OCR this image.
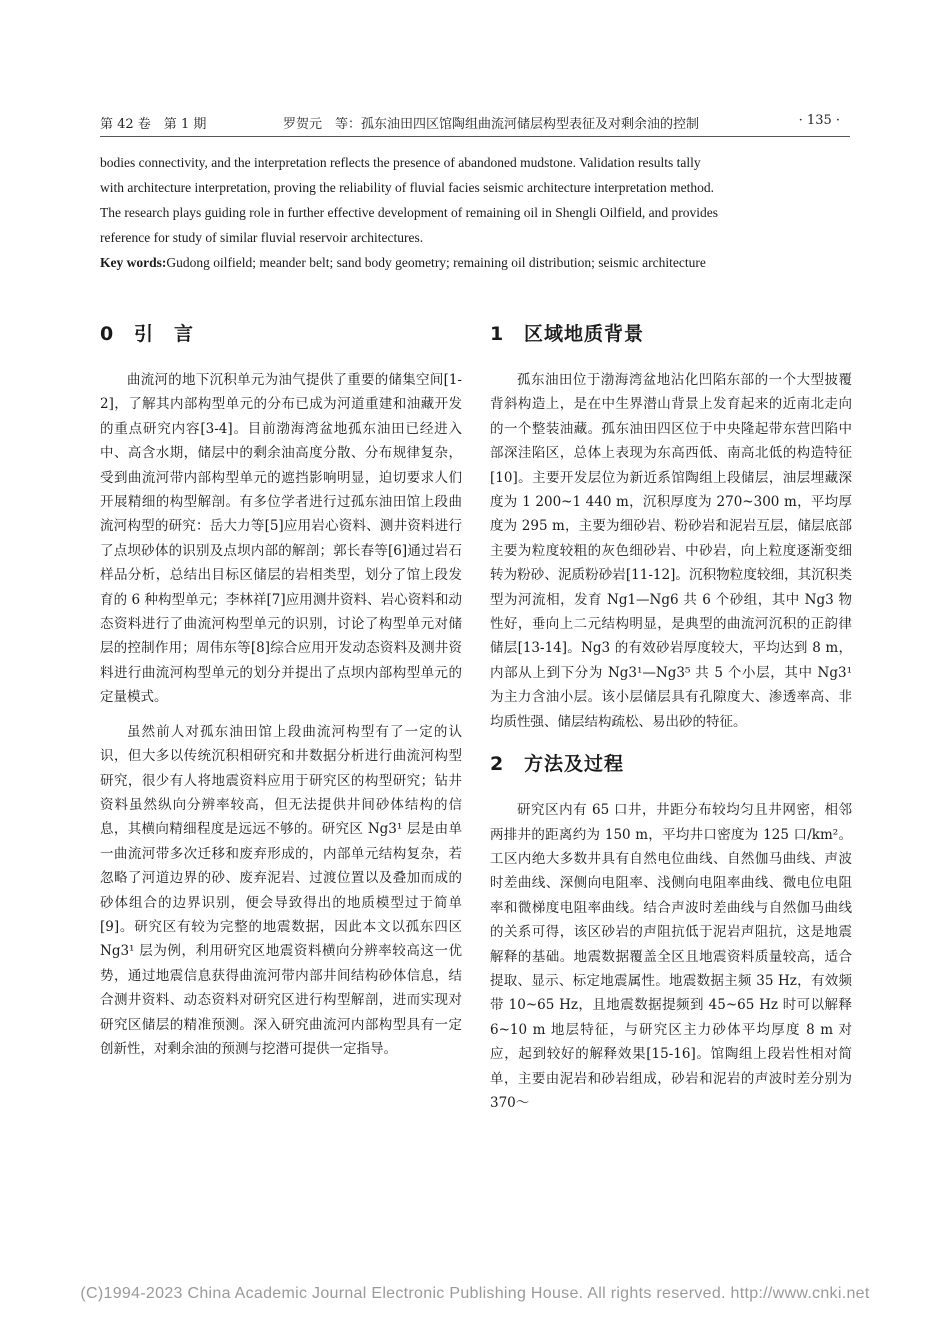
第 42 卷　第 1 期	罗贺元　等：孤东油田四区馆陶组曲流河储层构型表征及对剩余油的控制	· 135 ·
bodies connectivity, and the interpretation reflects the presence of abandoned mudstone. Validation results tally
with architecture interpretation, proving the reliability of fluvial facies seismic architecture interpretation method.
The research plays guiding role in further effective development of remaining oil in Shengli Oilfield, and provides
reference for study of similar fluvial reservoir architectures.
Key words:Gudong oilfield; meander belt; sand body geometry; remaining oil distribution; seismic architecture
0 引　言

曲流河的地下沉积单元为油气提供了重要的储集空间[1-2]，了解其内部构型单元的分布已成为河道重建和油藏开发的重点研究内容[3-4]。目前渤海湾盆地孤东油田已经进入中、高含水期，储层中的剩余油高度分散、分布规律复杂，受到曲流河带内部构型单元的遮挡影响明显，迫切要求人们开展精细的构型解剖。有多位学者进行过孤东油田馆上段曲流河构型的研究：岳大力等[5]应用岩心资料、测井资料进行了点坝砂体的识别及点坝内部的解剖；郭长春等[6]通过岩石样品分析，总结出目标区储层的岩相类型，划分了馆上段发育的 6 种构型单元；李林祥[7]应用测井资料、岩心资料和动态资料进行了曲流河构型单元的识别，讨论了构型单元对储层的控制作用；周伟东等[8]综合应用开发动态资料及测井资料进行曲流河构型单元的划分并提出了点坝内部构型单元的定量模式。

虽然前人对孤东油田馆上段曲流河构型有了一定的认识，但大多以传统沉积相研究和井数据分析进行曲流河构型研究，很少有人将地震资料应用于研究区的构型研究；钻井资料虽然纵向分辨率较高，但无法提供井间砂体结构的信息，其横向精细程度是远远不够的。研究区 Ng3¹ 层是由单一曲流河带多次迁移和废弃形成的，内部单元结构复杂，若忽略了河道边界的砂、废弃泥岩、过渡位置以及叠加而成的砂体组合的边界识别，便会导致得出的地质模型过于简单[9]。研究区有较为完整的地震数据，因此本文以孤东四区 Ng3¹ 层为例，利用研究区地震资料横向分辨率较高这一优势，通过地震信息获得曲流河带内部井间结构砂体信息，结合测井资料、动态资料对研究区进行构型解剖，进而实现对研究区储层的精准预测。深入研究曲流河内部构型具有一定创新性，对剩余油的预测与挖潜可提供一定指导。

1 区域地质背景

孤东油田位于渤海湾盆地沾化凹陷东部的一个大型披覆背斜构造上，是在中生界潜山背景上发育起来的近南北走向的一个整装油藏。孤东油田四区位于中央隆起带东营凹陷中部深洼陷区，总体上表现为东高西低、南高北低的构造特征[10]。主要开发层位为新近系馆陶组上段储层，油层埋藏深度为 1 200~1 440 m，沉积厚度为 270~300 m，平均厚度为 295 m，主要为细砂岩、粉砂岩和泥岩互层，储层底部主要为粒度较粗的灰色细砂岩、中砂岩，向上粒度逐渐变细转为粉砂、泥质粉砂岩[11-12]。沉积物粒度较细，其沉积类型为河流相，发育 Ng1—Ng6 共 6 个砂组，其中 Ng3 物性好，垂向上二元结构明显，是典型的曲流河沉积的正韵律储层[13-14]。Ng3 的有效砂岩厚度较大，平均达到 8 m，内部从上到下分为 Ng3¹—Ng3⁵ 共 5 个小层，其中 Ng3¹ 为主力含油小层。该小层储层具有孔隙度大、渗透率高、非均质性强、储层结构疏松、易出砂的特征。

2 方法及过程

研究区内有 65 口井，井距分布较均匀且井网密，相邻两排井的距离约为 150 m，平均井口密度为 125 口/km²。工区内绝大多数井具有自然电位曲线、自然伽马曲线、声波时差曲线、深侧向电阻率、浅侧向电阻率曲线、微电位电阻率和微梯度电阻率曲线。结合声波时差曲线与自然伽马曲线的关系可得，该区砂岩的声阻抗低于泥岩声阻抗，这是地震解释的基础。地震数据覆盖全区且地震资料质量较高，适合提取、显示、标定地震属性。地震数据主频 35 Hz，有效频带 10~65 Hz，且地震数据提频到 45~65 Hz 时可以解释 6~10 m 地层特征，与研究区主力砂体平均厚度 8 m 对应，起到较好的解释效果[15-16]。馆陶组上段岩性相对简单，主要由泥岩和砂岩组成，砂岩和泥岩的声波时差分别为 370～

(C)1994-2023 China Academic Journal Electronic Publishing House. All rights reserved. http://www.cnki.net
